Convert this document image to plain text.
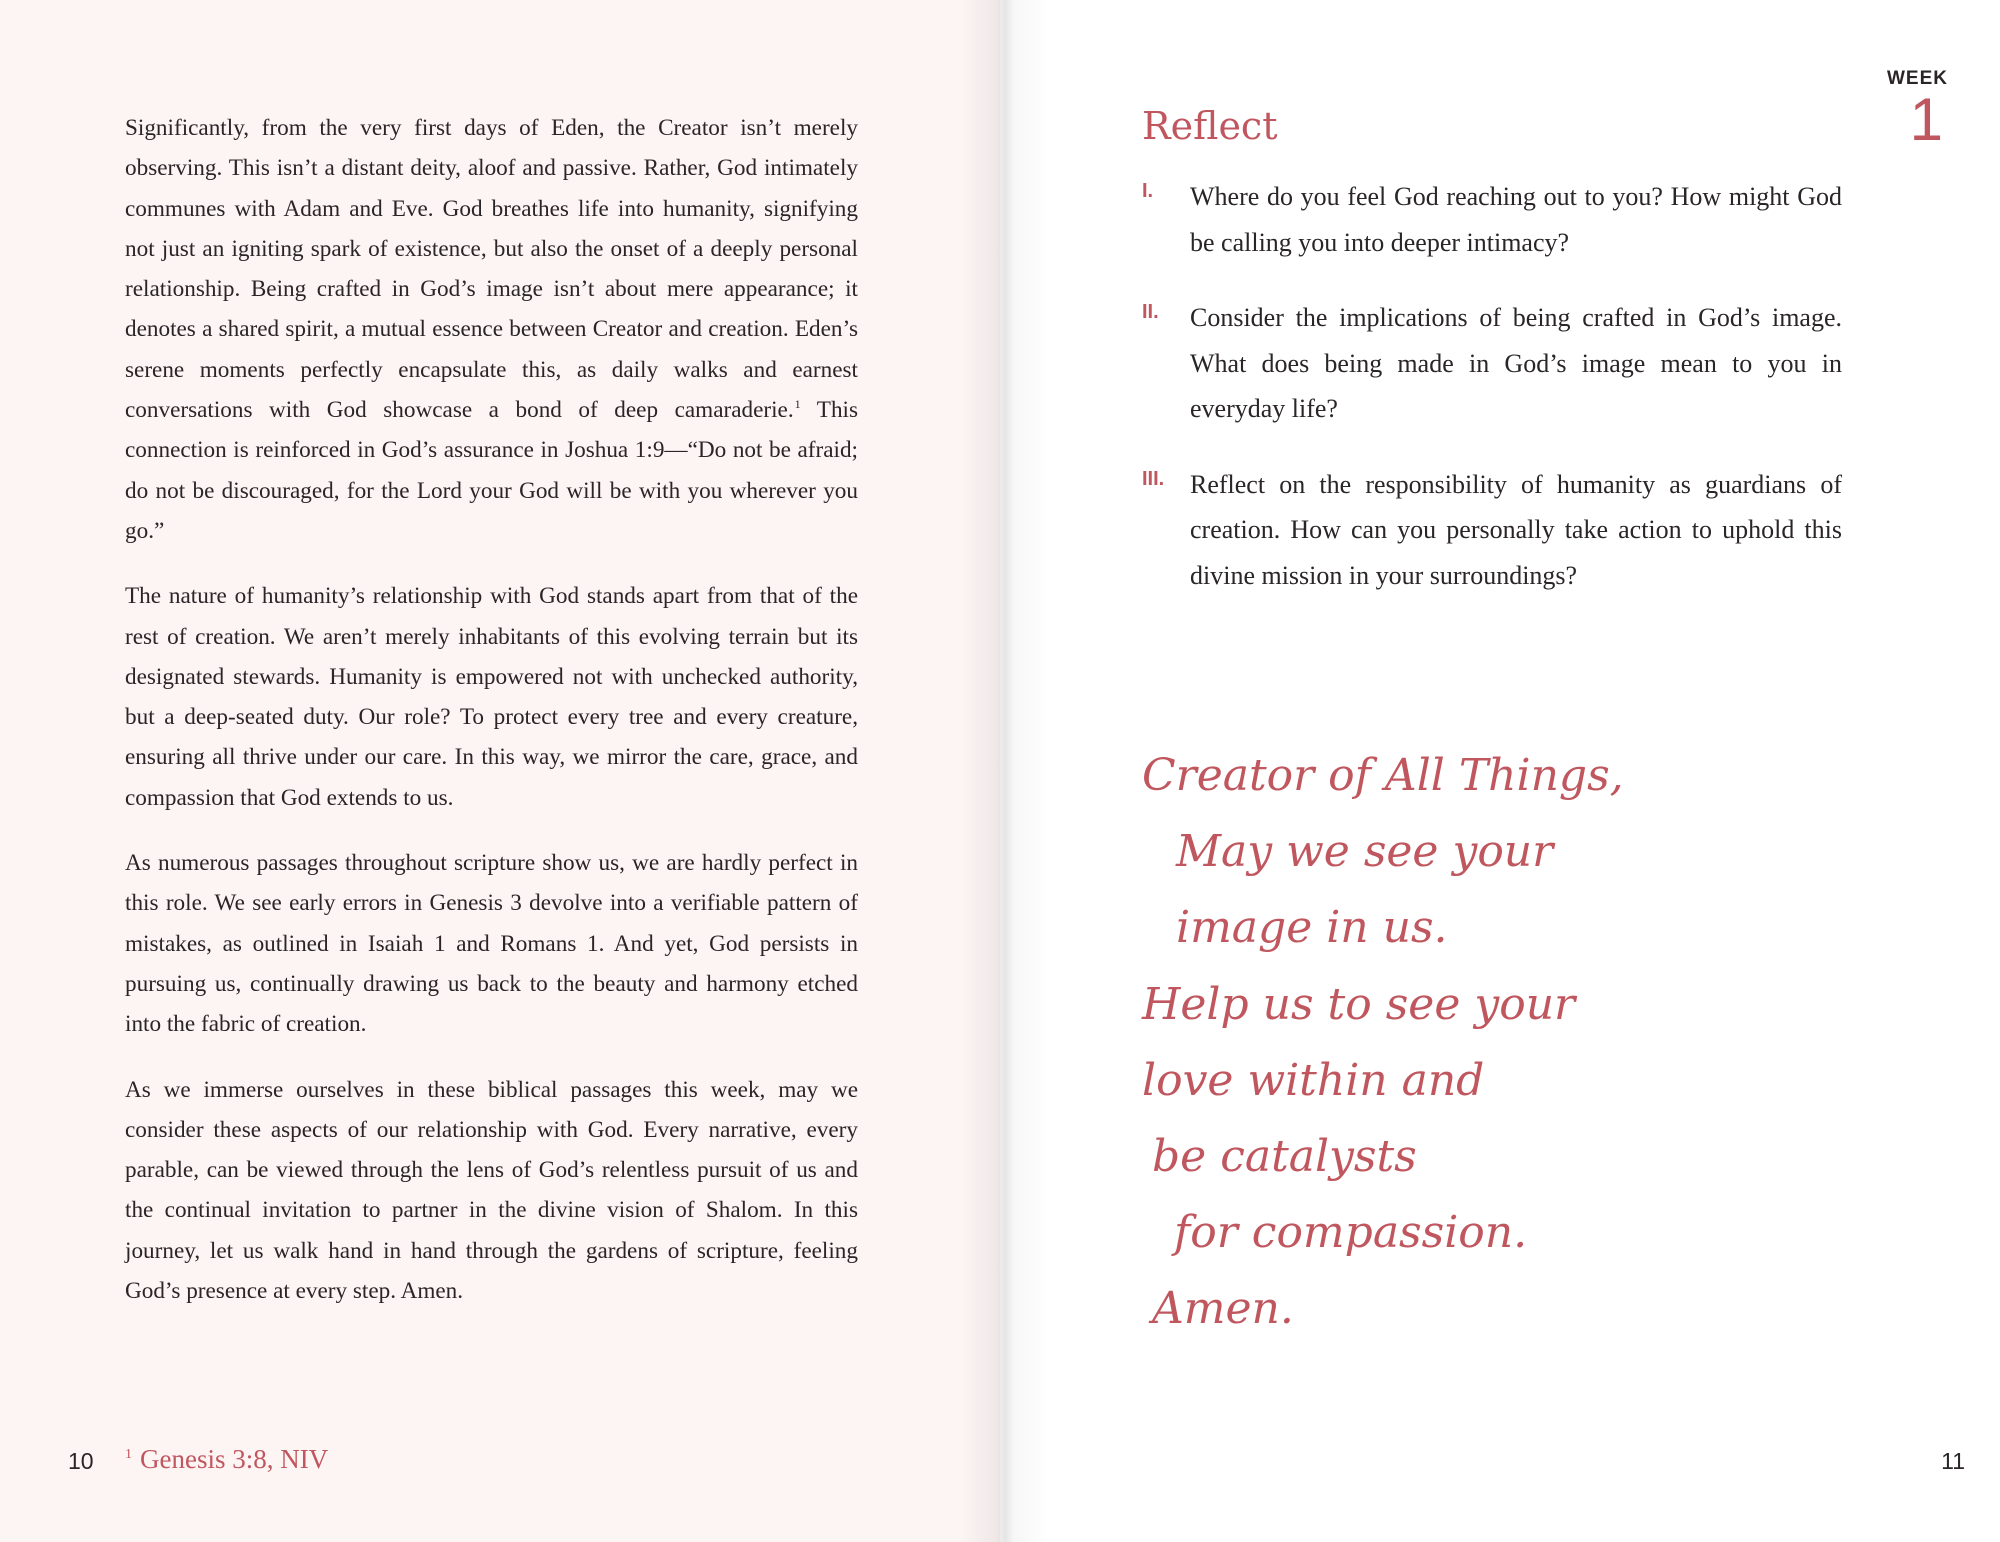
Significantly, from the very first days of Eden, the Creator isn’t merely observing. This isn’t a distant deity, aloof and passive. Rather, God intimately communes with Adam and Eve. God breathes life into humanity, signifying not just an igniting spark of existence, but also the onset of a deeply personal relationship. Being crafted in God’s image isn’t about mere appearance; it denotes a shared spirit, a mutual essence between Creator and creation. Eden’s serene moments perfectly encapsulate this, as daily walks and earnest conversations with God showcase a bond of deep camaraderie.$^1$ This connection is reinforced in God’s assurance in Joshua 1:9—“Do not be afraid; do not be discouraged, for the Lord your God will be with you wherever you go.”

The nature of humanity’s relationship with God stands apart from that of the rest of creation. We aren’t merely inhabitants of this evolving terrain but its designated stewards. Humanity is empowered not with unchecked authority, but a deep-seated duty. Our role? To protect every tree and every creature, ensuring all thrive under our care. In this way, we mirror the care, grace, and compassion that God extends to us.

As numerous passages throughout scripture show us, we are hardly perfect in this role. We see early errors in Genesis 3 devolve into a verifiable pattern of mistakes, as outlined in Isaiah 1 and Romans 1. And yet, God persists in pursuing us, continually drawing us back to the beauty and harmony etched into the fabric of creation.

As we immerse ourselves in these biblical passages this week, may we consider these aspects of our relationship with God. Every narrative, every parable, can be viewed through the lens of God’s relentless pursuit of us and the continual invitation to partner in the divine vision of Shalom. In this journey, let us walk hand in hand through the gardens of scripture, feeling God’s presence at every step. Amen.

10 $^1$ Genesis 3:8, NIV
WEEK
1
Reflect
I. Where do you feel God reaching out to you? How might God be calling you into deeper intimacy?
II. Consider the implications of being crafted in God’s image. What does being made in God’s image mean to you in everyday life?
III. Reflect on the responsibility of humanity as guardians of creation. How can you personally take action to uphold this divine mission in your surroundings?
Creator of All Things,
May we see your
image in us.
Help us to see your
love within and
be catalysts
for compassion.
Amen.
11
